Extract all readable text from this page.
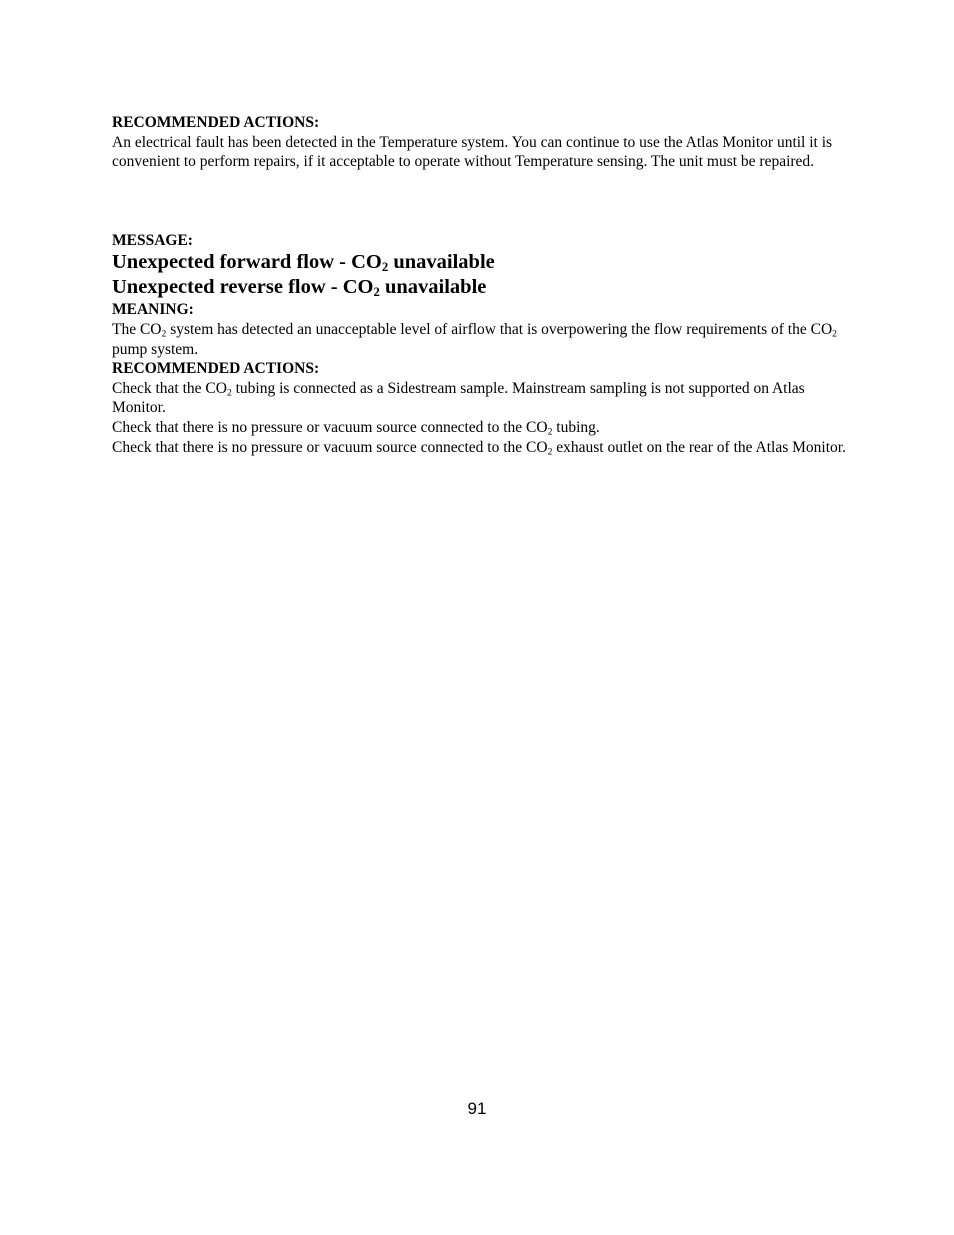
RECOMMENDED ACTIONS:
An electrical fault has been detected in the Temperature system. You can continue to use the Atlas Monitor until it is convenient to perform repairs, if it acceptable to operate without Temperature sensing. The unit must be repaired.
MESSAGE:
Unexpected forward flow - $CO_2$ unavailable
Unexpected reverse flow - $CO_2$ unavailable
MEANING:
The $CO_2$ system has detected an unacceptable level of airflow that is overpowering the flow requirements of the $CO_2$ pump system.
RECOMMENDED ACTIONS:
Check that the $CO_2$ tubing is connected as a Sidestream sample. Mainstream sampling is not supported on Atlas Monitor.
Check that there is no pressure or vacuum source connected to the $CO_2$ tubing.
Check that there is no pressure or vacuum source connected to the $CO_2$ exhaust outlet on the rear of the Atlas Monitor.
91
